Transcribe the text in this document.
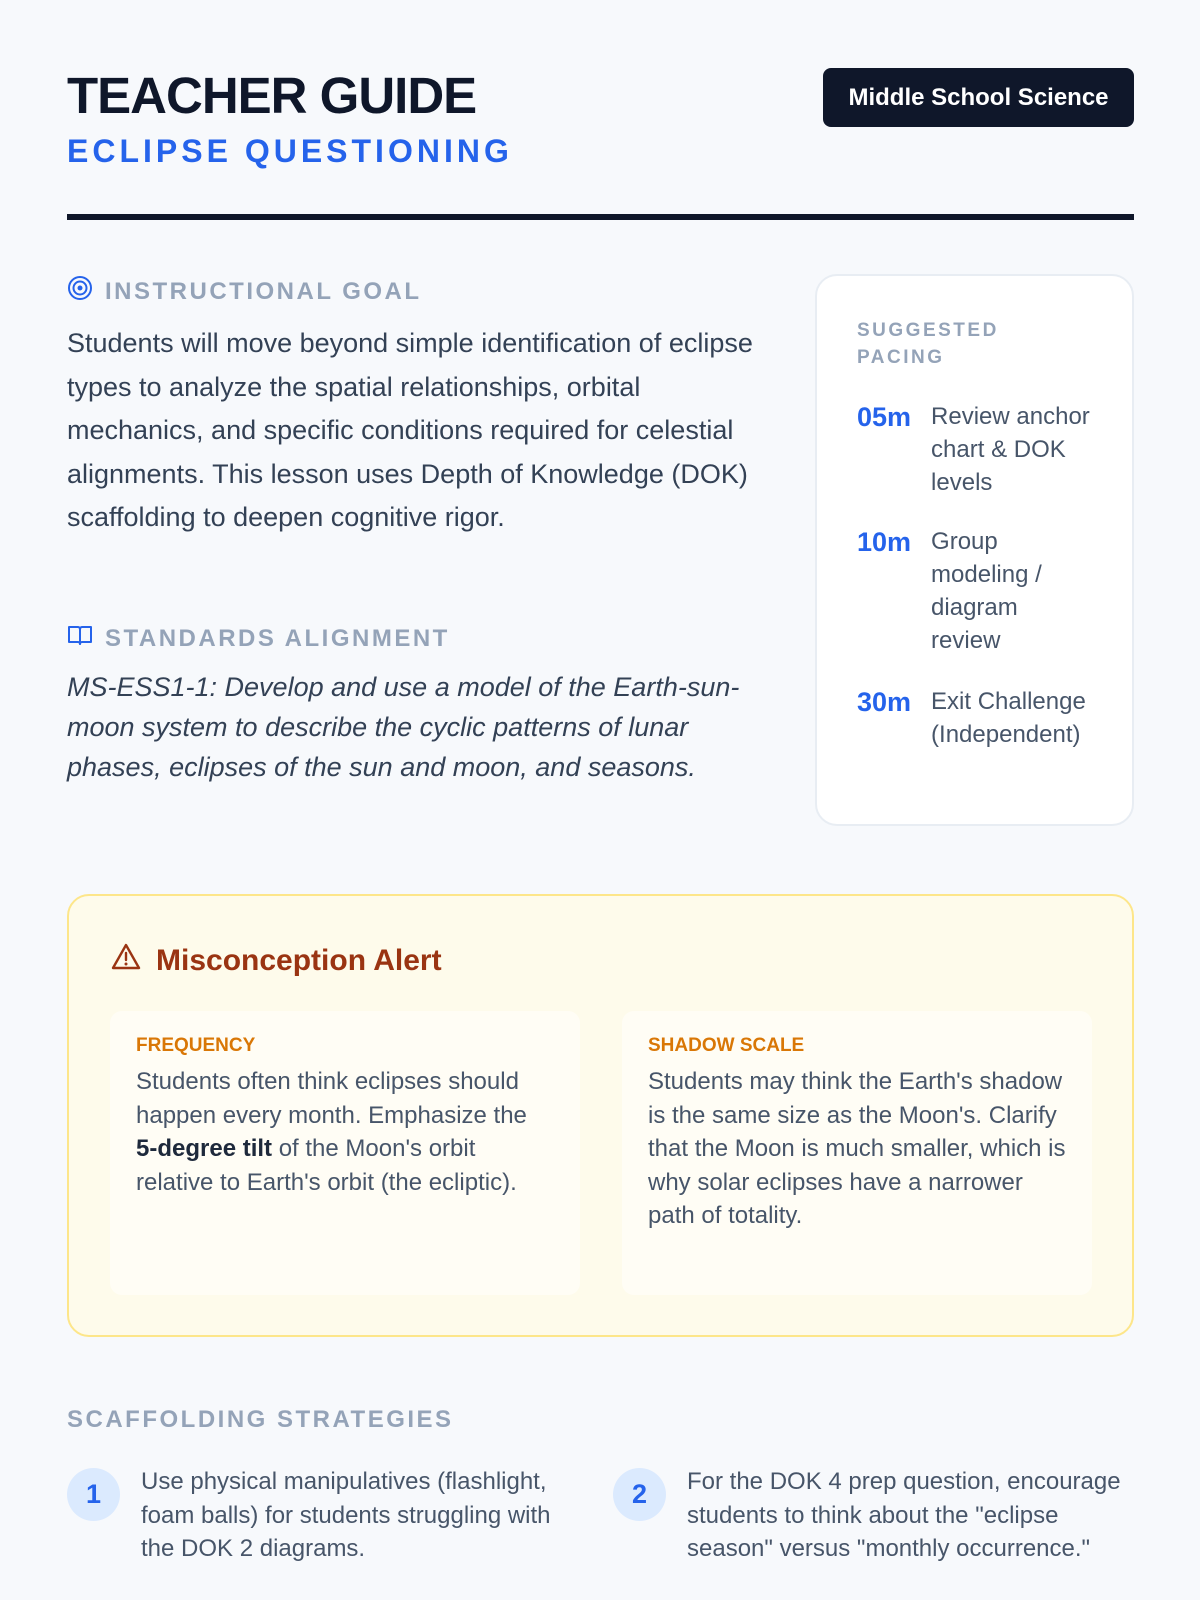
TEACHER GUIDE
ECLIPSE QUESTIONING
Middle School Science
INSTRUCTIONAL GOAL

Students will move beyond simple identification of eclipse types to analyze the spatial relationships, orbital mechanics, and specific conditions required for celestial alignments. This lesson uses Depth of Knowledge (DOK) scaffolding to deepen cognitive rigor.

STANDARDS ALIGNMENT

MS-ESS1-1: Develop and use a model of the Earth-sun-moon system to describe the cyclic patterns of lunar phases, eclipses of the sun and moon, and seasons.

SUGGESTED PACING
05m Review anchor chart & DOK levels
10m Group modeling / diagram review
30m Exit Challenge (Independent)
Misconception Alert
FREQUENCY
Students often think eclipses should happen every month. Emphasize the 5-degree tilt of the Moon's orbit relative to Earth's orbit (the ecliptic).
SHADOW SCALE
Students may think the Earth's shadow is the same size as the Moon's. Clarify that the Moon is much smaller, which is why solar eclipses have a narrower path of totality.
SCAFFOLDING STRATEGIES
1	Use physical manipulatives (flashlight, foam balls) for students struggling with the DOK 2 diagrams.
2	For the DOK 4 prep question, encourage students to think about the "eclipse season" versus "monthly occurrence."
